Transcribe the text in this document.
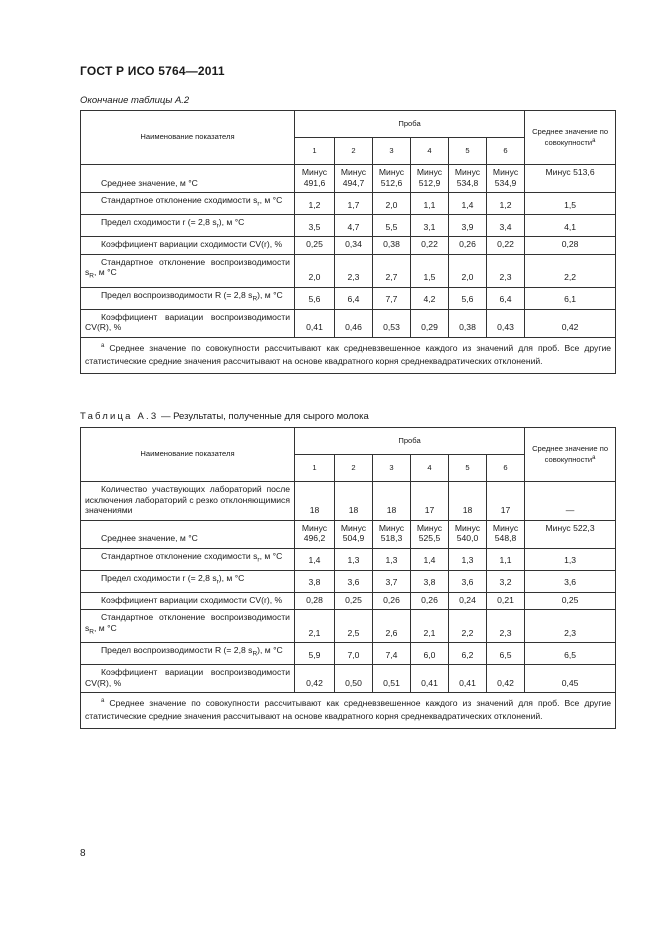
ГОСТ Р ИСО 5764—2011
Окончание таблицы А.2
Наименование показателя	Проба						Среднее значение по совокупности$^а$
	1	2	3	4	5	6	
Среднее значение, м °С	Минус 491,6	Минус 494,7	Минус 512,6	Минус 512,9	Минус 534,8	Минус 534,9	Минус 513,6
Стандартное отклонение сходимости $s_r$, м °С	1,2	1,7	2,0	1,1	1,4	1,2	1,5
Предел сходимости r (= 2,8 $s_r$), м °С	3,5	4,7	5,5	3,1	3,9	3,4	4,1
Коэффициент вариации сходимости CV(r), %	0,25	0,34	0,38	0,22	0,26	0,22	0,28
Стандартное отклонение воспроизводимости $s_R$, м °С	2,0	2,3	2,7	1,5	2,0	2,3	2,2
Предел воспроизводимости R (= 2,8 $s_R$), м °С	5,6	6,4	7,7	4,2	5,6	6,4	6,1
Коэффициент вариации воспроизводимости CV(R), %	0,41	0,46	0,53	0,29	0,38	0,43	0,42
$^а$ Среднее значение по совокупности рассчитывают как средневзвешенное каждого из значений для проб. Все другие статистические средние значения рассчитывают на основе квадратного корня среднеквадратических отклонений.							
Таблица А.3 — Результаты, полученные для сырого молока
Наименование показателя	Проба						Среднее значение по совокупности$^а$
	1	2	3	4	5	6	
Количество участвующих лабораторий после исключения лабораторий с резко отклоняющимися значениями	18	18	18	17	18	17	—
Среднее значение, м °С	Минус 496,2	Минус 504,9	Минус 518,3	Минус 525,5	Минус 540,0	Минус 548,8	Минус 522,3
Стандартное отклонение сходимости $s_r$, м °С	1,4	1,3	1,3	1,4	1,3	1,1	1,3
Предел сходимости r (= 2,8 $s_r$), м °С	3,8	3,6	3,7	3,8	3,6	3,2	3,6
Коэффициент вариации сходимости CV(r), %	0,28	0,25	0,26	0,26	0,24	0,21	0,25
Стандартное отклонение воспроизводимости $s_R$, м °С	2,1	2,5	2,6	2,1	2,2	2,3	2,3
Предел воспроизводимости R (= 2,8 $s_R$), м °С	5,9	7,0	7,4	6,0	6,2	6,5	6,5
Коэффициент вариации воспроизводимости CV(R), %	0,42	0,50	0,51	0,41	0,41	0,42	0,45
$^а$ Среднее значение по совокупности рассчитывают как средневзвешенное каждого из значений для проб. Все другие статистические средние значения рассчитывают на основе квадратного корня среднеквадратических отклонений.							
8
